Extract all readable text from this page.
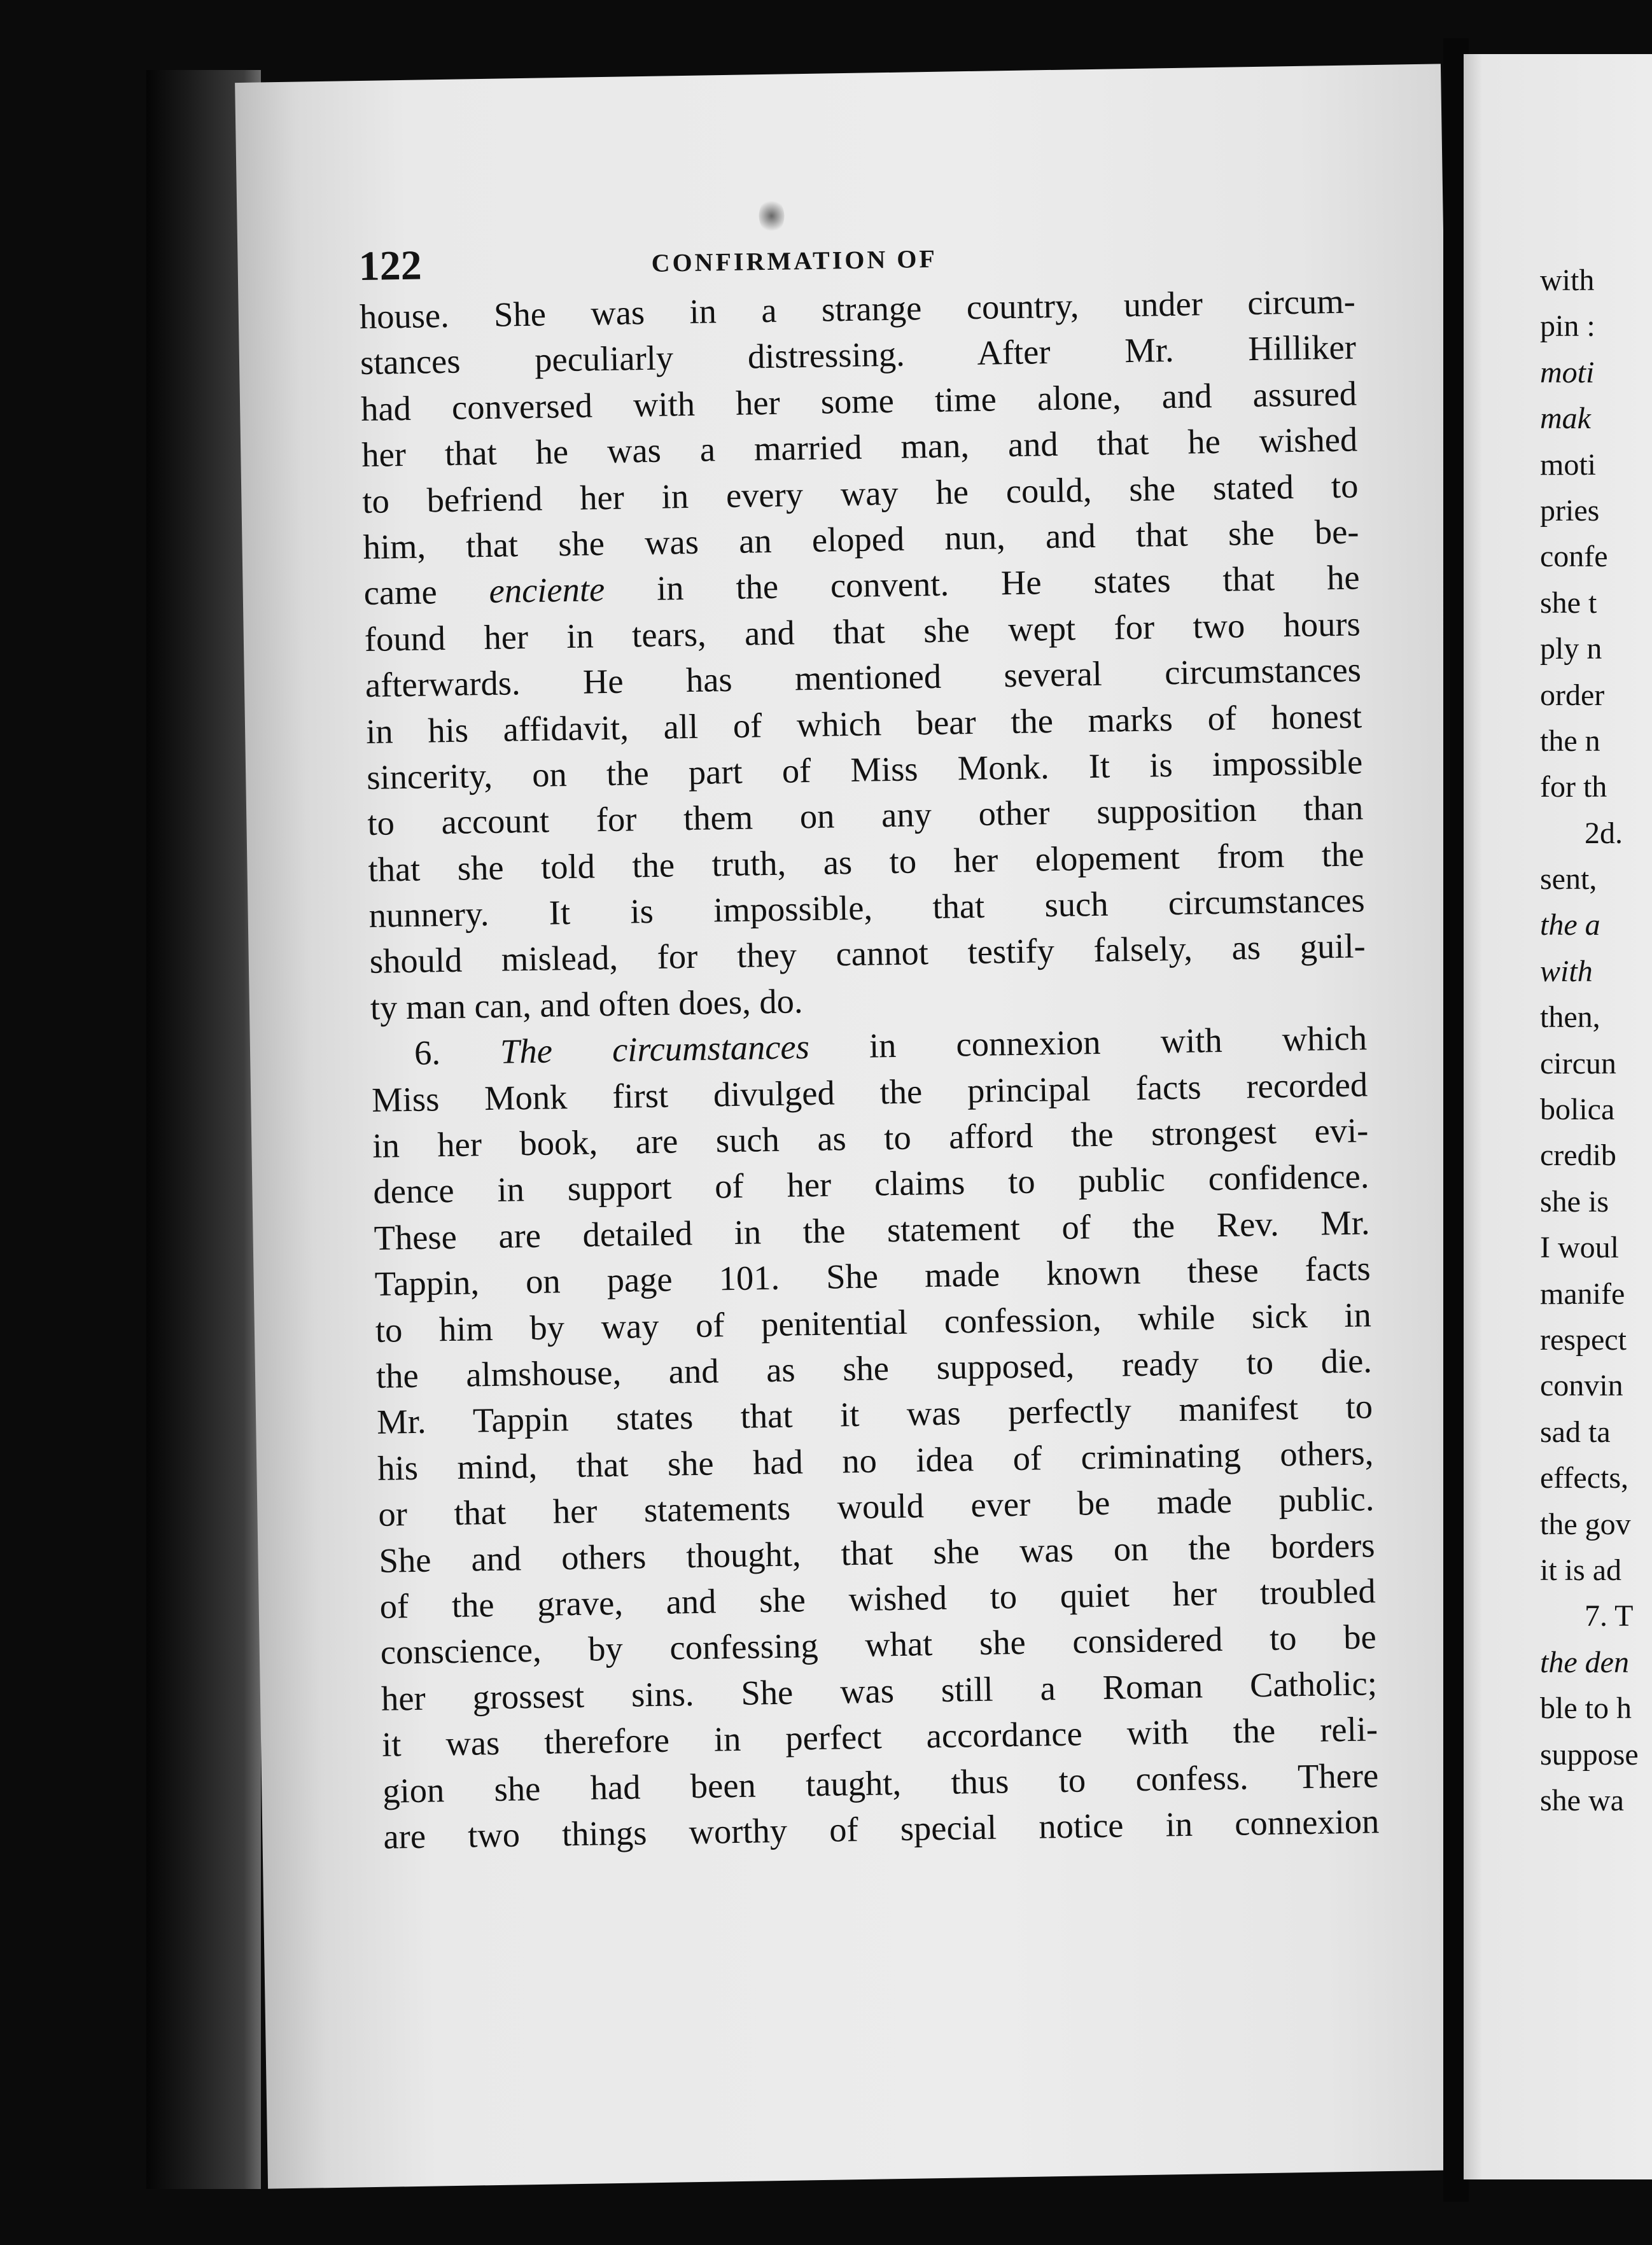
122	CONFIRMATION OF
house. She was in a strange country, under circum-
stances peculiarly distressing. After Mr. Hilliker
had conversed with her some time alone, and assured
her that he was a married man, and that he wished
to befriend her in every way he could, she stated to
him, that she was an eloped nun, and that she be-
came enciente in the convent. He states that he
found her in tears, and that she wept for two hours
afterwards. He has mentioned several circumstances
in his affidavit, all of which bear the marks of honest
sincerity, on the part of Miss Monk. It is impossible
to account for them on any other supposition than
that she told the truth, as to her elopement from the
nunnery. It is impossible, that such circumstances
should mislead, for they cannot testify falsely, as guil-
ty man can, and often does, do.
6. The circumstances in connexion with which
Miss Monk first divulged the principal facts recorded
in her book, are such as to afford the strongest evi-
dence in support of her claims to public confidence.
These are detailed in the statement of the Rev. Mr.
Tappin, on page 101. She made known these facts
to him by way of penitential confession, while sick in
the almshouse, and as she supposed, ready to die.
Mr. Tappin states that it was perfectly manifest to
his mind, that she had no idea of criminating others,
or that her statements would ever be made public.
She and others thought, that she was on the borders
of the grave, and she wished to quiet her troubled
conscience, by confessing what she considered to be
her grossest sins. She was still a Roman Catholic;
it was therefore in perfect accordance with the reli-
gion she had been taught, thus to confess. There
are two things worthy of special notice in connexion
with
pin :
moti
mak
moti
pries
confe
she t
ply n
order
the n
for th
2d.
sent,
the a
with
then,
circun
bolica
credib
she is
I woul
manife
respect
convin
sad ta
effects,
the gov
it is ad
7. T
the den
ble to h
suppose
she wa
